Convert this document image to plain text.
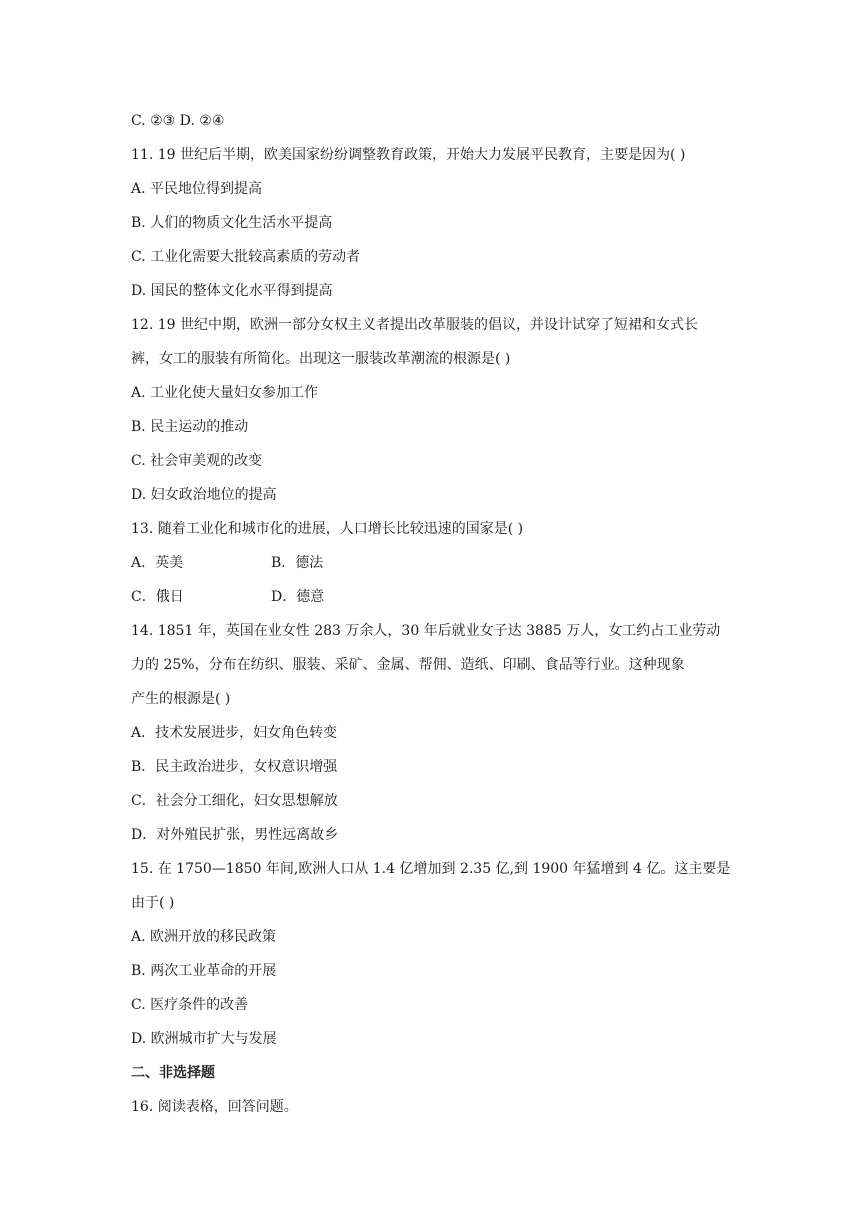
C. ②③ D. ②④
11. 19 世纪后半期，欧美国家纷纷调整教育政策，开始大力发展平民教育，主要是因为( )
A. 平民地位得到提高
B. 人们的物质文化生活水平提高
C. 工业化需要大批较高素质的劳动者
D. 国民的整体文化水平得到提高
12. 19 世纪中期，欧洲一部分女权主义者提出改革服装的倡议，并设计试穿了短裙和女式长
裤，女工的服装有所简化。出现这一服装改革潮流的根源是( )
A. 工业化使大量妇女参加工作
B. 民主运动的推动
C. 社会审美观的改变
D. 妇女政治地位的提高
13. 随着工业化和城市化的进展，人口增长比较迅速的国家是( )
A．英美	B．德法
C．俄日	D．德意
14. 1851 年，英国在业女性 283 万余人，30 年后就业女子达 3885 万人，女工约占工业劳动
力的 25%，分布在纺织、服装、采矿、金属、帮佣、造纸、印刷、食品等行业。这种现象
产生的根源是( )
A．技术发展进步，妇女角色转变
B．民主政治进步，女权意识增强
C．社会分工细化，妇女思想解放
D．对外殖民扩张，男性远离故乡
15. 在 1750—1850 年间,欧洲人口从 1.4 亿增加到 2.35 亿,到 1900 年猛增到 4 亿。这主要是
由于( )
A. 欧洲开放的移民政策
B. 两次工业革命的开展
C. 医疗条件的改善
D. 欧洲城市扩大与发展
二、非选择题
16. 阅读表格，回答问题。
